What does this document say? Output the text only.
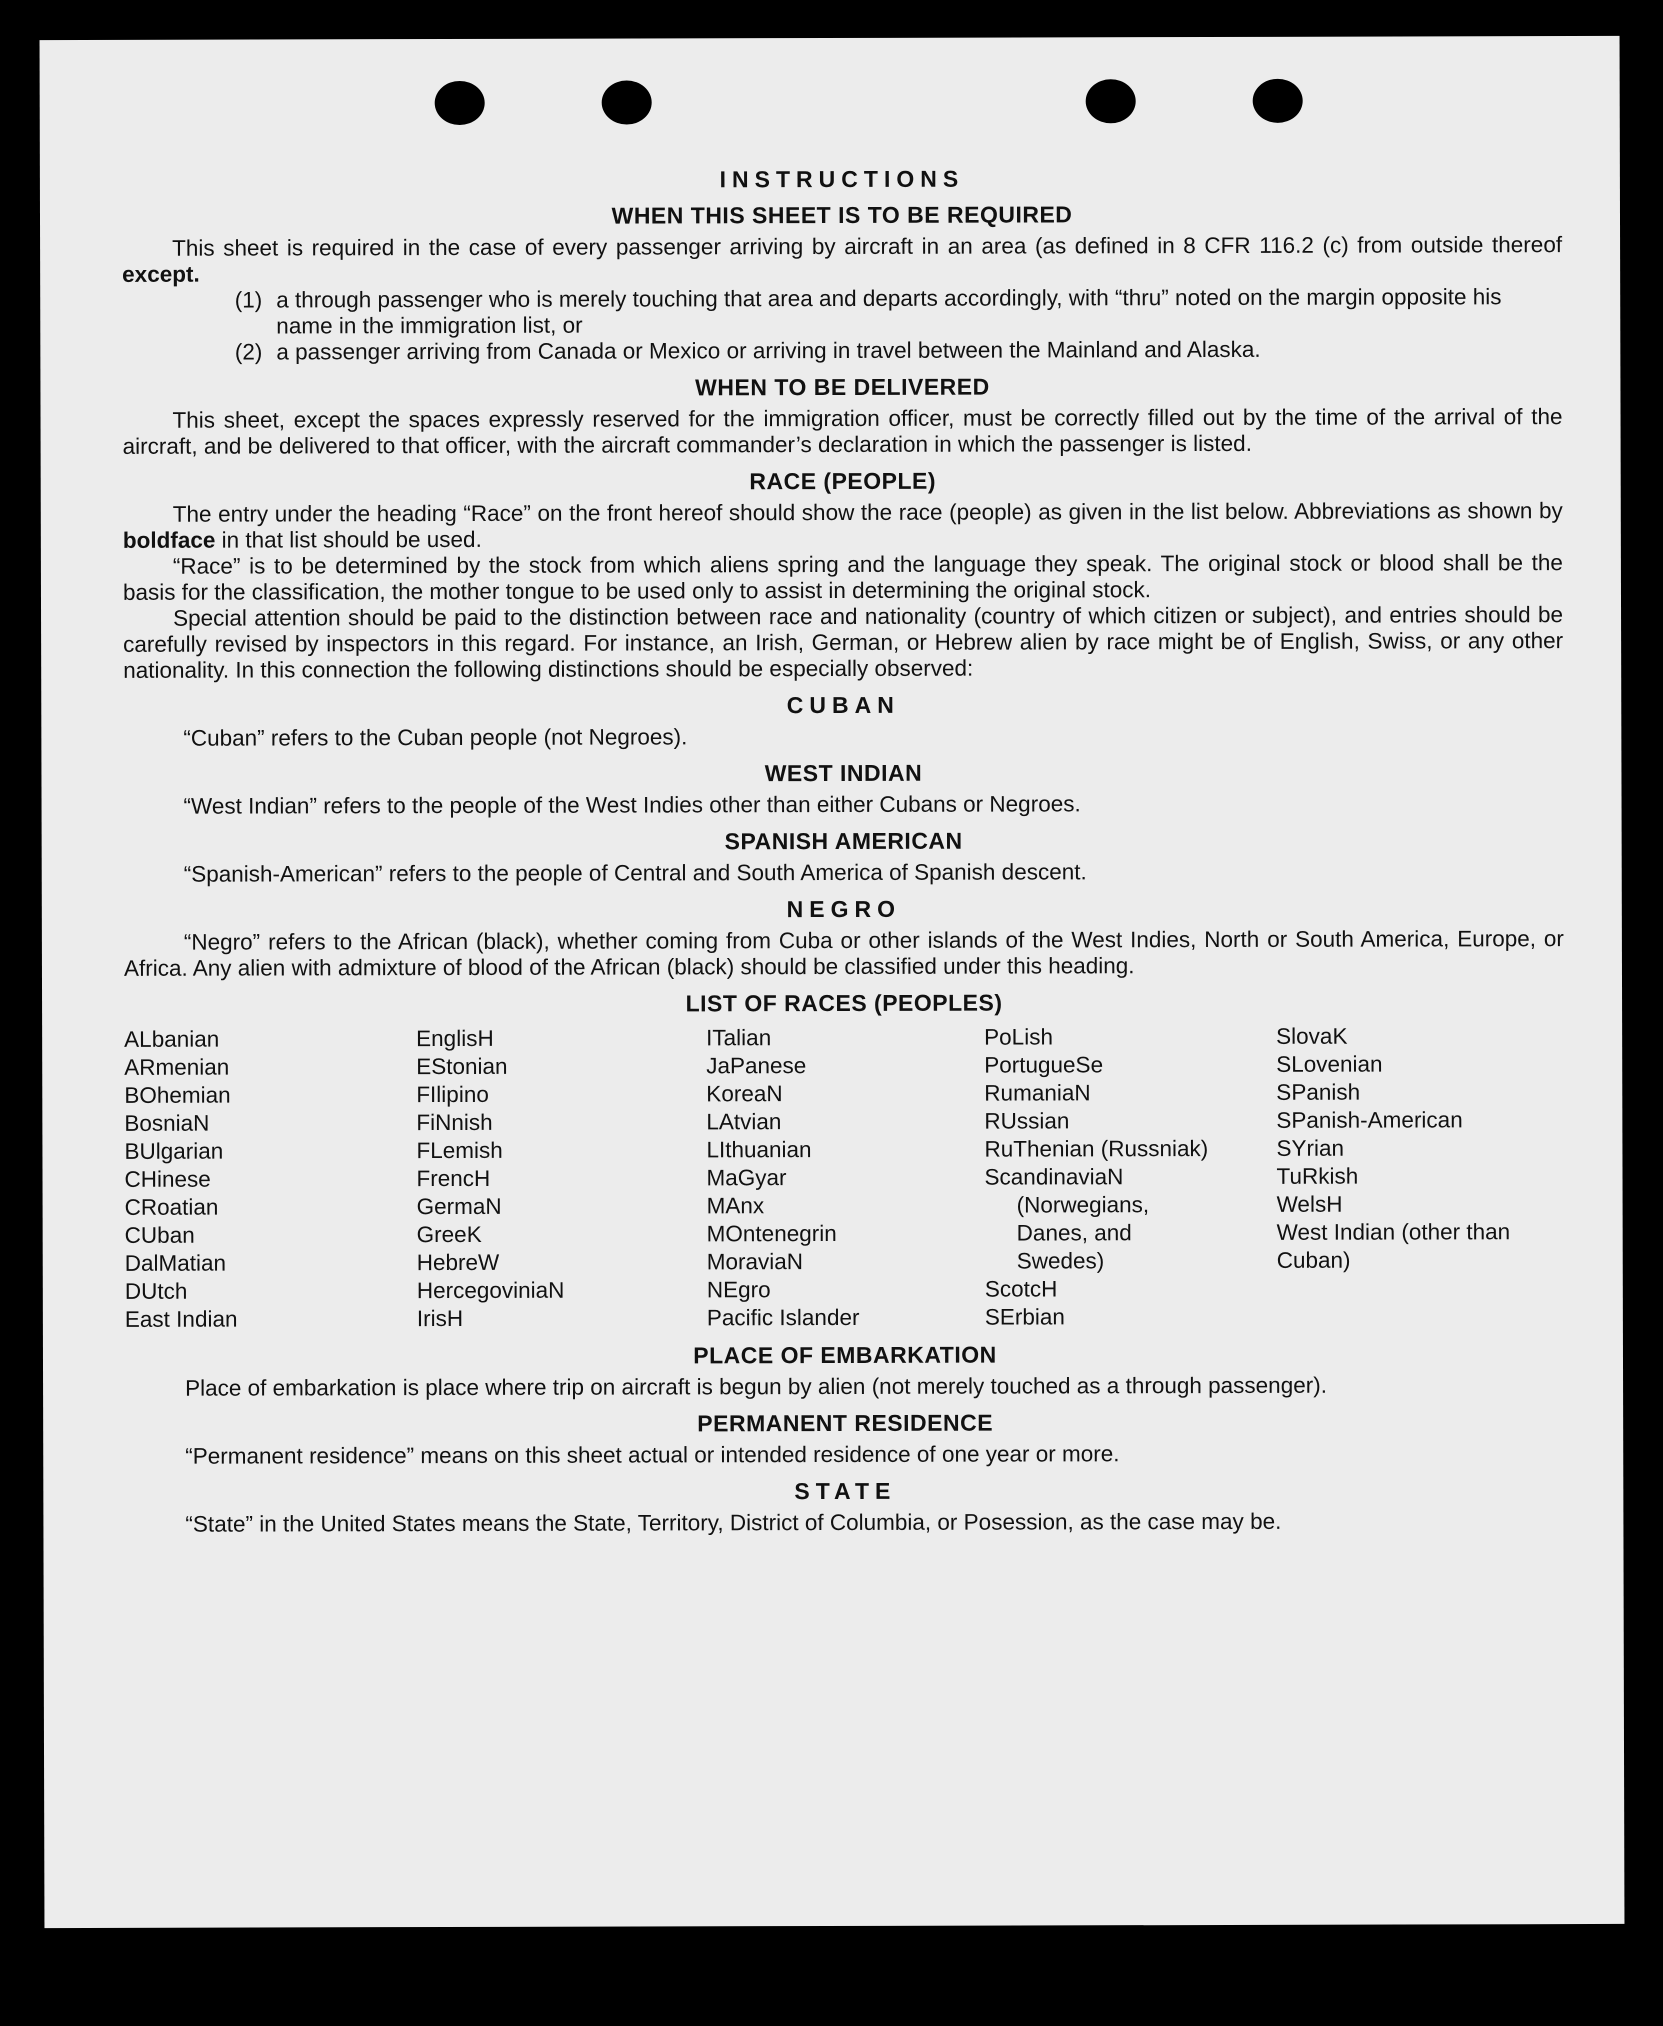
INSTRUCTIONS
WHEN THIS SHEET IS TO BE REQUIRED

This sheet is required in the case of every passenger arriving by aircraft in an area (as defined in 8 CFR 116.2 (c) from outside thereof except.

(1) a through passenger who is merely touching that area and departs accordingly, with “thru” noted on the margin opposite his name in the immigration list, or
(2) a passenger arriving from Canada or Mexico or arriving in travel between the Mainland and Alaska.
WHEN TO BE DELIVERED

This sheet, except the spaces expressly reserved for the immigration officer, must be correctly filled out by the time of the arrival of the aircraft, and be delivered to that officer, with the aircraft commander’s declaration in which the passenger is listed.

RACE (PEOPLE)

The entry under the heading “Race” on the front hereof should show the race (people) as given in the list below. Abbreviations as shown by boldface in that list should be used.

“Race” is to be determined by the stock from which aliens spring and the language they speak. The original stock or blood shall be the basis for the classification, the mother tongue to be used only to assist in determining the original stock.

Special attention should be paid to the distinction between race and nationality (country of which citizen or subject), and entries should be carefully revised by inspectors in this regard. For instance, an Irish, German, or Hebrew alien by race might be of English, Swiss, or any other nationality. In this connection the following distinctions should be especially observed:

CUBAN

“Cuban” refers to the Cuban people (not Negroes).

WEST INDIAN

“West Indian” refers to the people of the West Indies other than either Cubans or Negroes.

SPANISH AMERICAN

“Spanish-American” refers to the people of Central and South America of Spanish descent.

NEGRO

“Negro” refers to the African (black), whether coming from Cuba or other islands of the West Indies, North or South America, Europe, or Africa. Any alien with admixture of blood of the African (black) should be classified under this heading.

LIST OF RACES (PEOPLES)
ALbanian
ARmenian
BOhemian
BosniaN
BUlgarian
CHinese
CRoatian
CUban
DalMatian
DUtch
East Indian
EnglisH
EStonian
FIlipino
FiNnish
FLemish
FrencH
GermaN
GreeK
HebreW
HercegoviniaN
IrisH
ITalian
JaPanese
KoreaN
LAtvian
LIthuanian
MaGyar
MAnx
MOntenegrin
MoraviaN
NEgro
Pacific Islander
PoLish
PortugueSe
RumaniaN
RUssian
RuThenian (Russniak)
ScandinaviaN
(Norwegians, Danes, and Swedes)
ScotcH
SErbian
SlovaK
SLovenian
SPanish
SPanish-American
SYrian
TuRkish
WelsH
West Indian (other than Cuban)
PLACE OF EMBARKATION

Place of embarkation is place where trip on aircraft is begun by alien (not merely touched as a through passenger).

PERMANENT RESIDENCE

“Permanent residence” means on this sheet actual or intended residence of one year or more.

STATE

“State” in the United States means the State, Territory, District of Columbia, or Posession, as the case may be.
